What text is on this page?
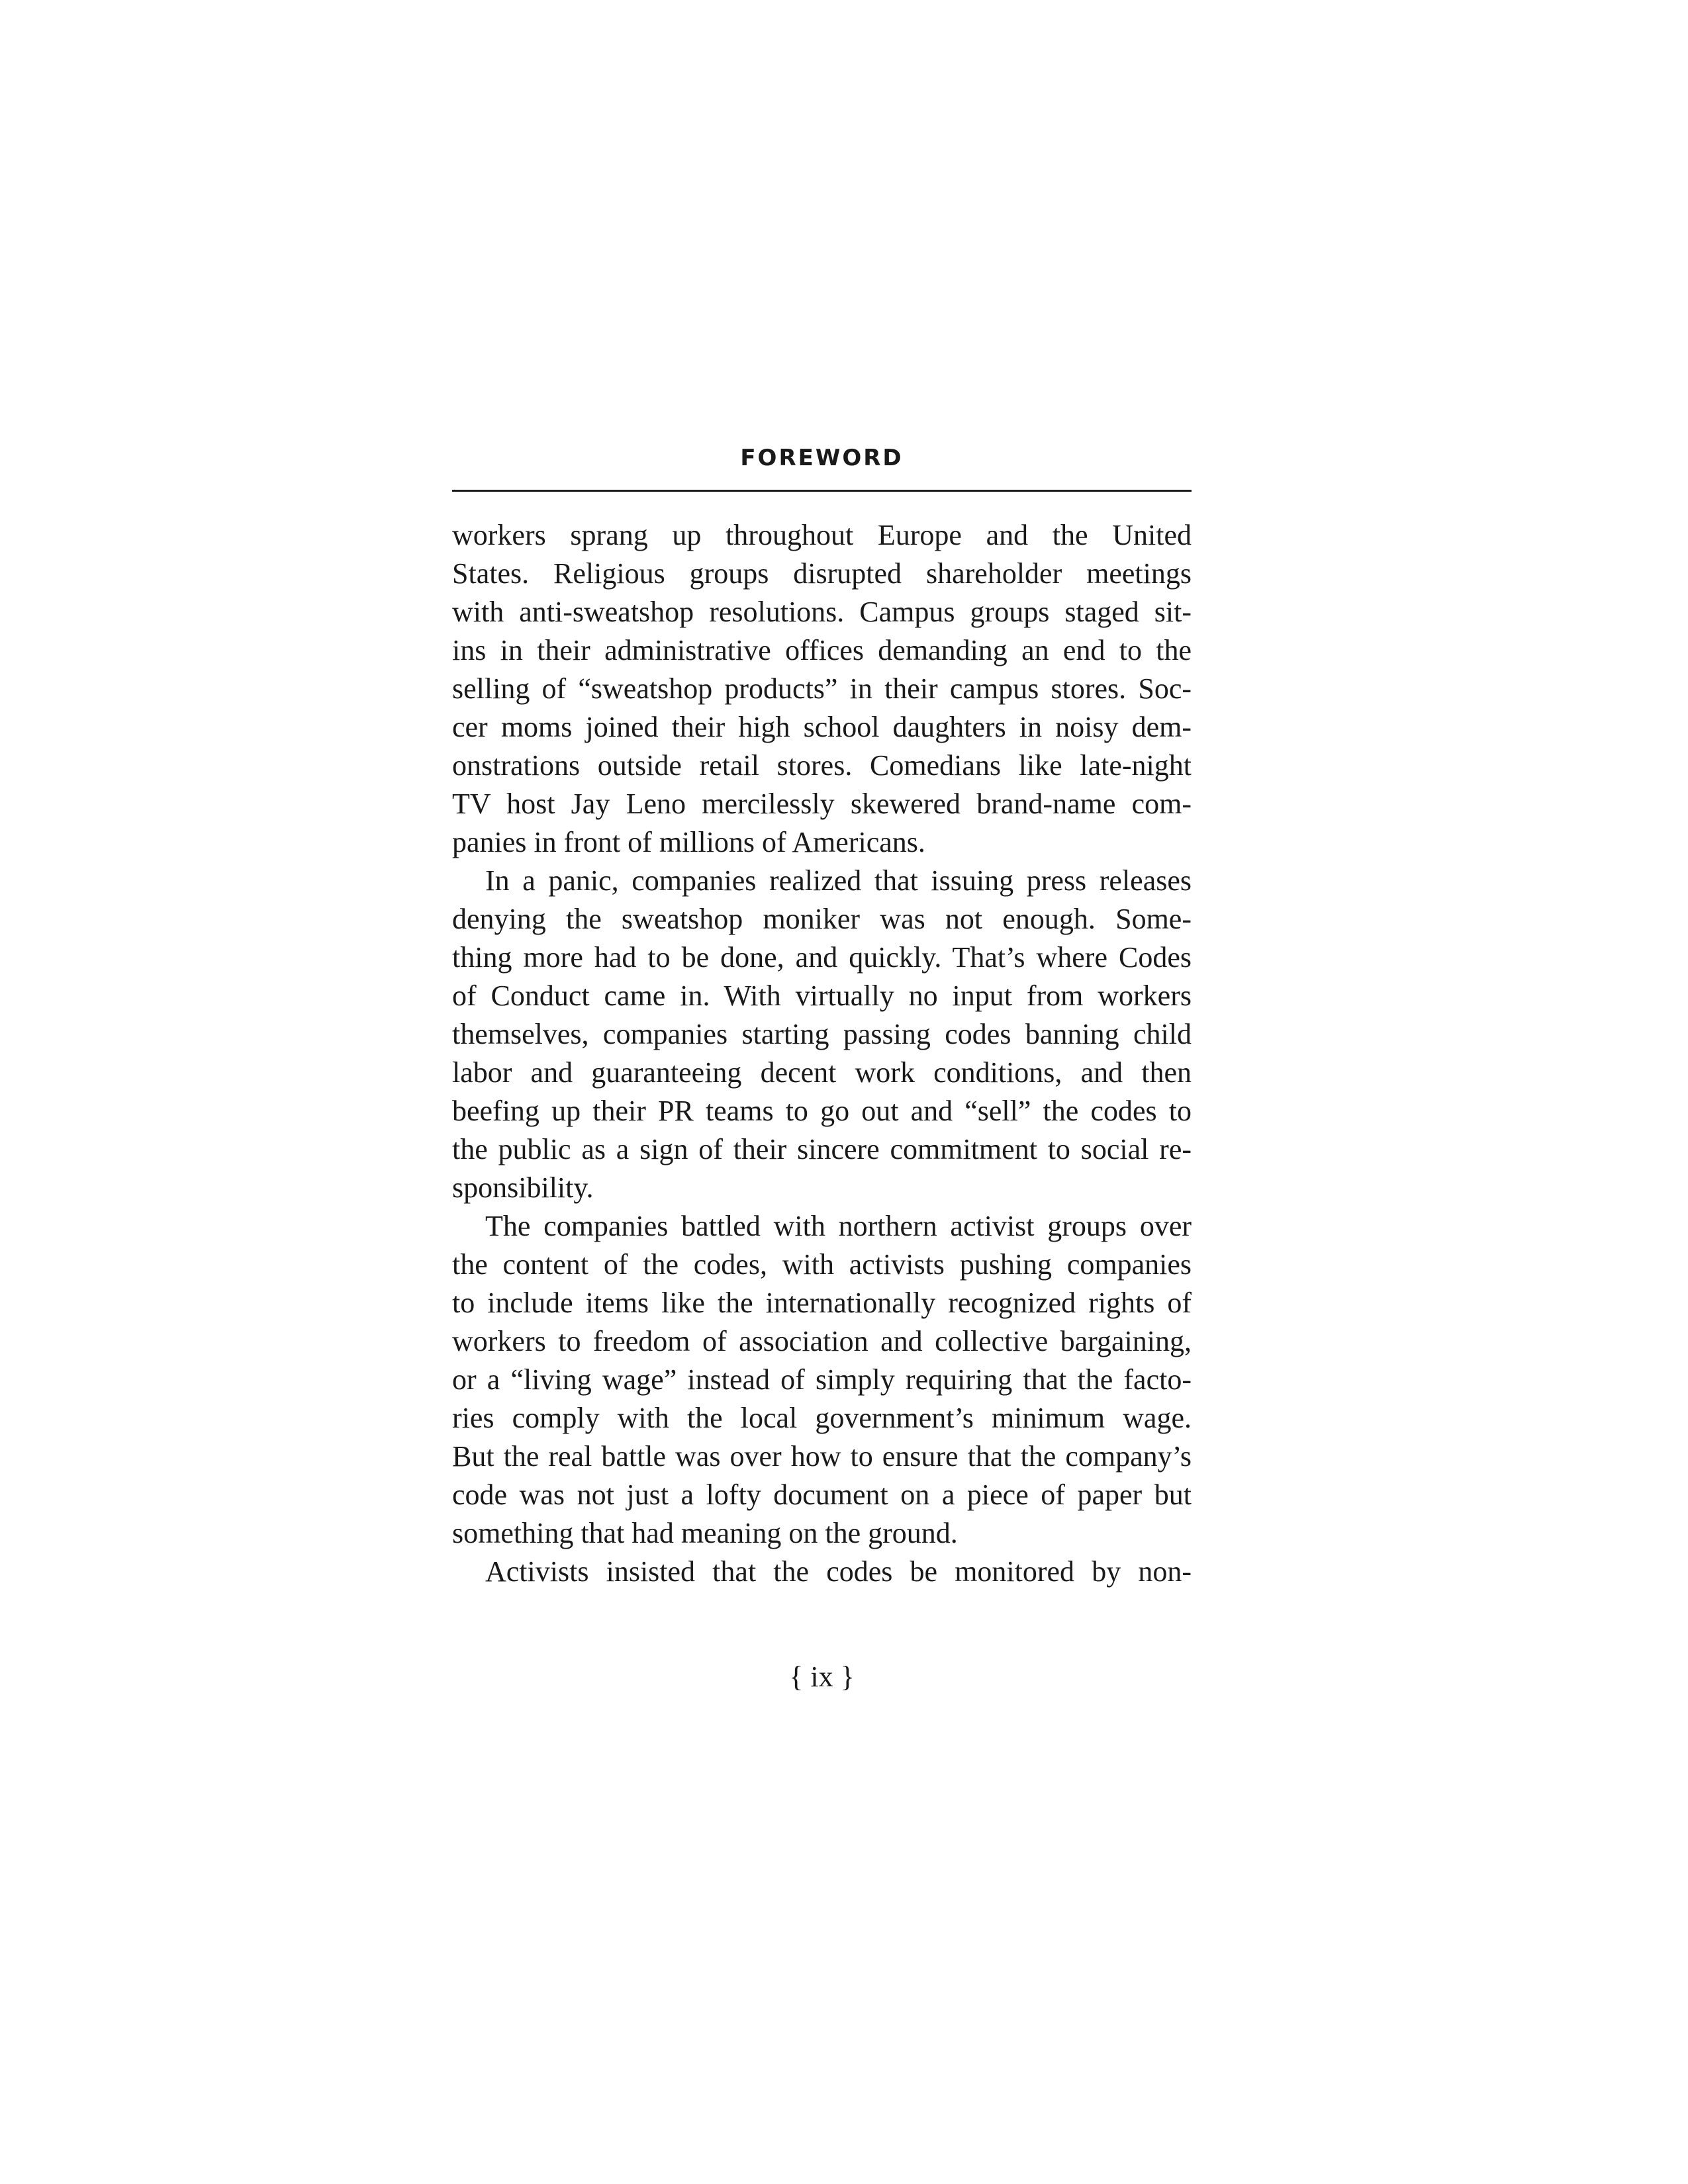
FOREWORD
workers sprang up throughout Europe and the United
States. Religious groups disrupted shareholder meetings
with anti-sweatshop resolutions. Campus groups staged sit-
ins in their administrative offices demanding an end to the
selling of “sweatshop products” in their campus stores. Soc-
cer moms joined their high school daughters in noisy dem-
onstrations outside retail stores. Comedians like late-night
TV host Jay Leno mercilessly skewered brand-name com-
panies in front of millions of Americans.
In a panic, companies realized that issuing press releases
denying the sweatshop moniker was not enough. Some-
thing more had to be done, and quickly. That’s where Codes
of Conduct came in. With virtually no input from workers
themselves, companies starting passing codes banning child
labor and guaranteeing decent work conditions, and then
beefing up their PR teams to go out and “sell” the codes to
the public as a sign of their sincere commitment to social re-
sponsibility.
The companies battled with northern activist groups over
the content of the codes, with activists pushing companies
to include items like the internationally recognized rights of
workers to freedom of association and collective bargaining,
or a “living wage” instead of simply requiring that the facto-
ries comply with the local government’s minimum wage.
But the real battle was over how to ensure that the company’s
code was not just a lofty document on a piece of paper but
something that had meaning on the ground.
Activists insisted that the codes be monitored by non-
{ ix }
